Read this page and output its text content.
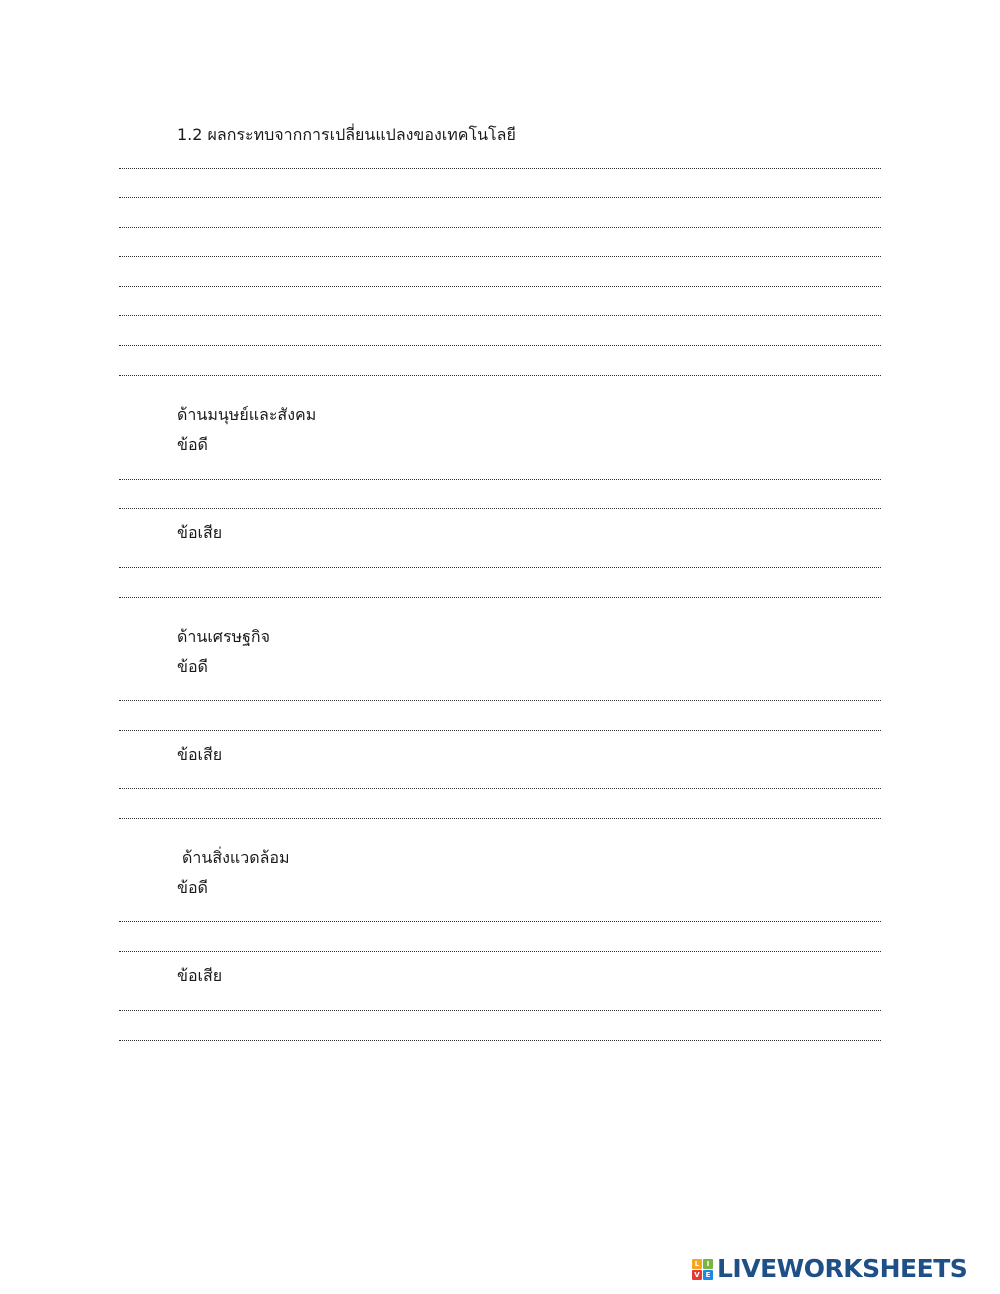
1.2 ผลกระทบจากการเปลี่ยนแปลงของเทคโนโลยี
ด้านมนุษย์และสังคม
ข้อดี
ข้อเสีย
ด้านเศรษฐกิจ
ข้อดี
ข้อเสีย
ด้านสิ่งแวดล้อม
ข้อดี
ข้อเสีย
L	I
V E LIVEWORKSHEETS
